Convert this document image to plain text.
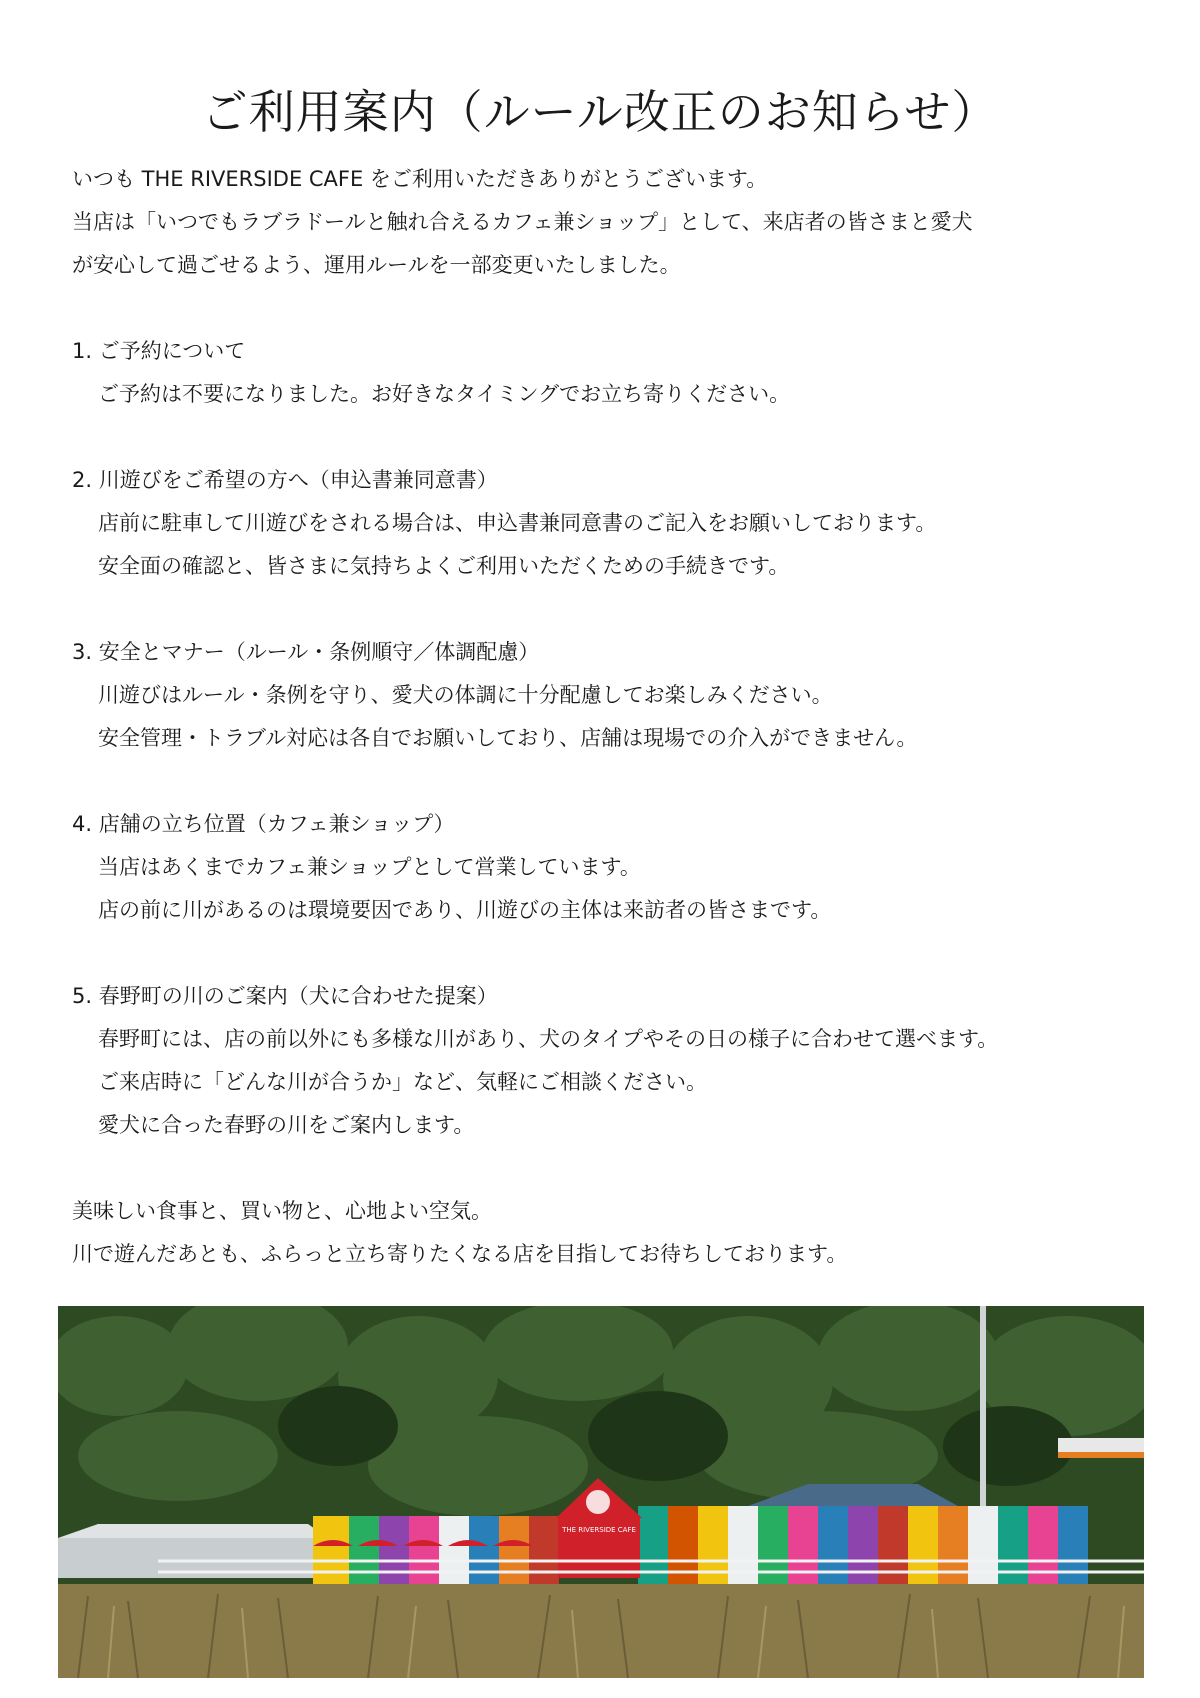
ご利用案内（ルール改正のお知らせ）
いつも THE RIVERSIDE CAFE をご利用いただきありがとうございます。
当店は「いつでもラブラドールと触れ合えるカフェ兼ショップ」として、来店者の皆さまと愛犬
が安心して過ごせるよう、運用ルールを一部変更いたしました。
1. ご予約について
ご予約は不要になりました。お好きなタイミングでお立ち寄りください。
2. 川遊びをご希望の方へ（申込書兼同意書）
店前に駐車して川遊びをされる場合は、申込書兼同意書のご記入をお願いしております。
安全面の確認と、皆さまに気持ちよくご利用いただくための手続きです。
3. 安全とマナー（ルール・条例順守／体調配慮）
川遊びはルール・条例を守り、愛犬の体調に十分配慮してお楽しみください。
安全管理・トラブル対応は各自でお願いしており、店舗は現場での介入ができません。
4. 店舗の立ち位置（カフェ兼ショップ）
当店はあくまでカフェ兼ショップとして営業しています。
店の前に川があるのは環境要因であり、川遊びの主体は来訪者の皆さまです。
5. 春野町の川のご案内（犬に合わせた提案）
春野町には、店の前以外にも多様な川があり、犬のタイプやその日の様子に合わせて選べます。
ご来店時に「どんな川が合うか」など、気軽にご相談ください。
愛犬に合った春野の川をご案内します。
美味しい食事と、買い物と、心地よい空気。
川で遊んだあとも、ふらっと立ち寄りたくなる店を目指してお待ちしております。
THE RIVERSIDE CAFE
